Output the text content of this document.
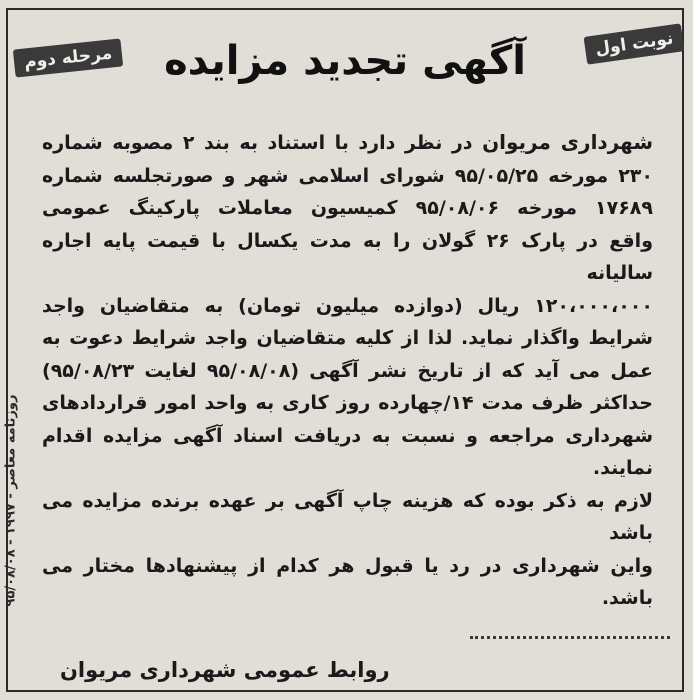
روزنامه معاصر - ۱۹۹۷ - ۹۵/۰۸/۰۸
نوبت اول
مرحله دوم	آگهی تجدید مزایده
شهرداری مریوان در نظر دارد با استناد به بند ۲ مصوبه شماره
۲۳۰ مورخه ۹۵/۰۵/۲۵ شورای اسلامی شهر و صورتجلسه شماره
۱۷۶۸۹ مورخه ۹۵/۰۸/۰۶ کمیسیون معاملات پارکینگ عمومی
واقع در پارک ۲۶ گولان را به مدت یکسال با قیمت پایه اجاره سالیانه
۱۲۰،۰۰۰،۰۰۰ ریال (دوازده میلیون تومان) به متقاضیان واجد
شرایط واگذار نماید. لذا از کلیه متقاضیان واجد شرایط دعوت به
عمل می آید که از تاریخ نشر آگهی (۹۵/۰۸/۰۸ لغایت ۹۵/۰۸/۲۳)
حداکثر ظرف مدت ۱۴/چهارده روز کاری به واحد امور قراردادهای
شهرداری مراجعه و نسبت به دریافت اسناد آگهی مزایده اقدام نمایند.
لازم به ذکر بوده که هزینه چاپ آگهی بر عهده برنده مزایده می باشد
واین شهرداری در رد یا قبول هر کدام از پیشنهادها مختار می باشد.
روابط عمومی شهرداری مریوان
